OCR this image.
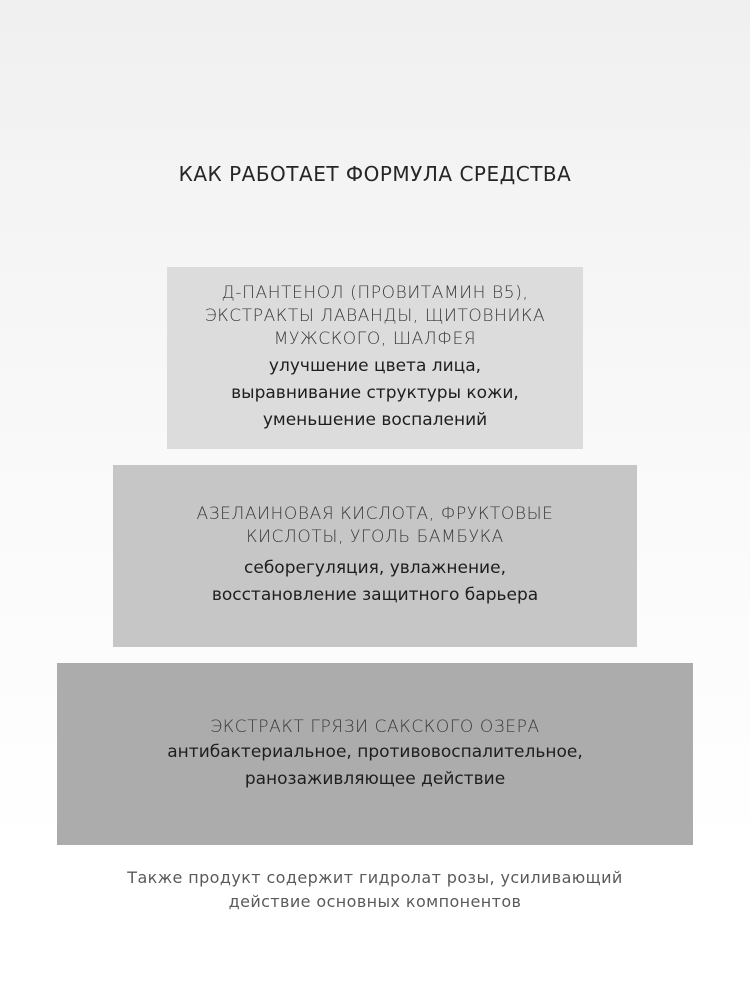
КАК РАБОТАЕТ ФОРМУЛА СРЕДСТВА
Д-ПАНТЕНОЛ (ПРОВИТАМИН B5),
ЭКСТРАКТЫ ЛАВАНДЫ, ЩИТОВНИКА
МУЖСКОГО, ШАЛФЕЯ
улучшение цвета лица,
выравнивание структуры кожи,
уменьшение воспалений
АЗЕЛАИНОВАЯ КИСЛОТА, ФРУКТОВЫЕ
КИСЛОТЫ, УГОЛЬ БАМБУКА
себорегуляция, увлажнение,
восстановление защитного барьера
ЭКСТРАКТ ГРЯЗИ САКСКОГО ОЗЕРА
антибактериальное, противовоспалительное,
ранозаживляющее действие
Также продукт содержит гидролат розы, усиливающий
действие основных компонентов
